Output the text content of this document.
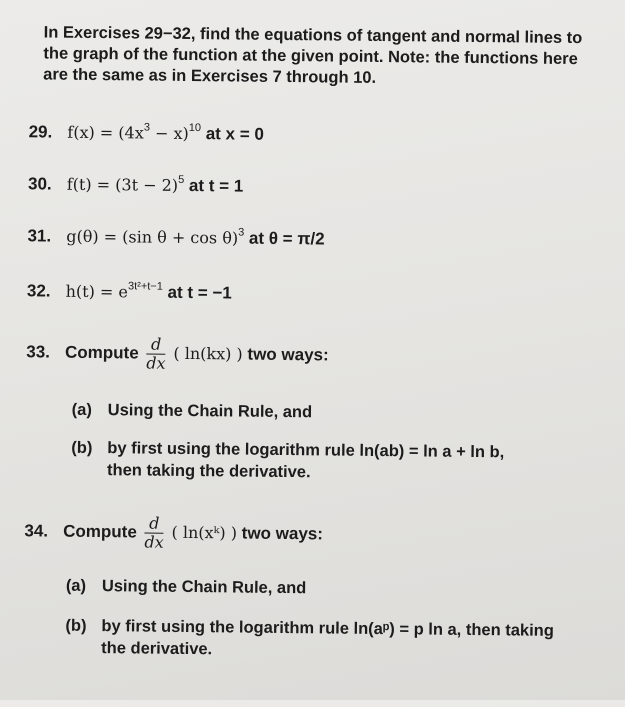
In Exercises 29−32, find the equations of tangent and normal lines to the graph of the function at the given point. Note: the functions here are the same as in Exercises 7 through 10.
29. $f(x) = (4x^3 - x)^{10}$ at x = 0
30. $f(t) = (3t - 2)^5$ at t = 1
31. g(θ) = (sin θ + cos θ)$^3$ at θ = π/2
32. $h(t) = e^{3t^2+t-1}$ at t = −1
33. Compute $\frac{d}{dx}$ ( ln(kx) ) two ways:
(a) Using the Chain Rule, and
(b) by first using the logarithm rule ln(ab) = ln a + ln b, then taking the derivative.
34. Compute $\frac{d}{dx}$ ( ln(xᵏ) ) two ways:
(a) Using the Chain Rule, and
(b) by first using the logarithm rule ln(aᵖ) = p ln a, then taking the derivative.
